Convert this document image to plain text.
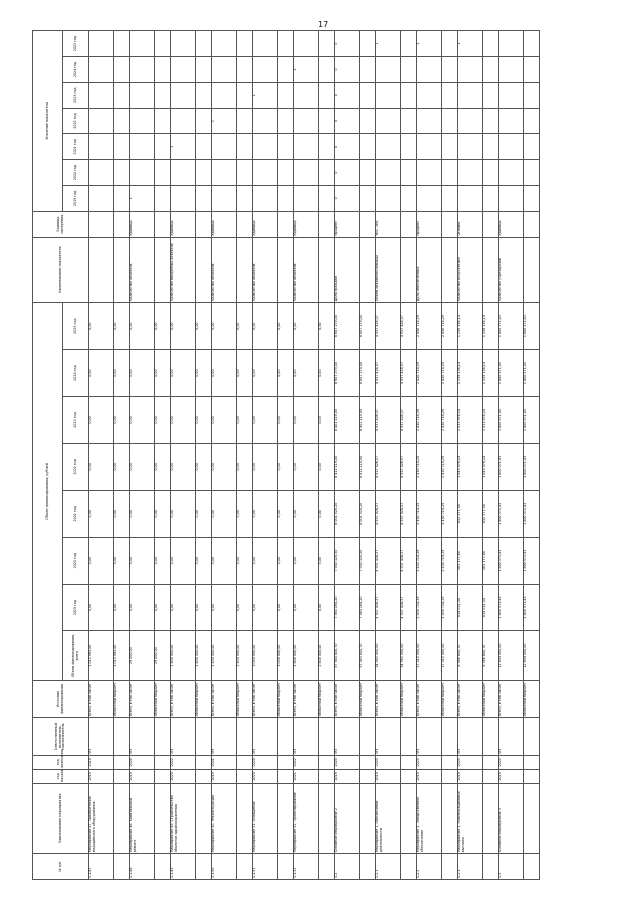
17
№ п/п	Наименование мероприятия	год начала	год окончания	Ответственный исполнитель, соисполнитель	Источник финансирования	Объем финансирования, рублей								Наименование показателя	Единица измерения	Значение показателя						
						Объем финансирования, всего	2019 год	2020 год	2021 год	2022 год	2023 год	2024 год	2025 год			2019 год	2020 год	2021 год	2022 год	2023 год	2024 год	2025 год
1.1.47	Мероприятие 47. Приобретение медицинского оборудования	2019	2019	МЗ	Всего, в том числе	1 015 983,00	0,00	0,00	0,00	0,00	0,00	0,00	0,00									
					областной бюджет	1 015 983,00	0,00	0,00	0,00	0,00	0,00	0,00	0,00									
1.1.48	Мероприятие 48. Капитальный ремонт	2019	2020	МЗ	Всего, в том числе	29 000,00	0,00	0,00	0,00	0,00	0,00	0,00	0,00	Количество объектов	единица	1						
					областной бюджет	29 000,00	0,00	0,00	0,00	0,00	0,00	0,00	0,00									
1.1.49	Мероприятие 49. Строительство объектов здравоохранения	2020	2022	МЗ	Всего, в том числе	1 800 000,00	0,00	0,00	0,00	0,00	0,00	0,00	0,00	Количество введенных объектов	единица			1				
					областной бюджет	1 800 000,00	0,00	0,00	0,00	0,00	0,00	0,00	0,00									
1.1.50	Мероприятие 50. Реконструкция	2019	2021	МЗ	Всего, в том числе	2 450 000,00	0,00	0,00	0,00	0,00	0,00	0,00	0,00	Количество объектов	единица				1			
					областной бюджет	2 450 000,00	0,00	0,00	0,00	0,00	0,00	0,00	0,00									
1.1.51	Мероприятие 51. Оснащение	2020	2020	МЗ	Всего, в том числе	3 050 000,00	0,00	0,00	0,00	0,00	0,00	0,00	0,00	Количество объектов	единица					1		
					областной бюджет	3 050 000,00	0,00	0,00	0,00	0,00	0,00	0,00	0,00									
1.1.52	Мероприятие 52. Проектирование	2021	2022	МЗ	Всего, в том числе	2 800 000,00	0,00	0,00	0,00	0,00	0,00	0,00	0,00	Количество объектов	единица						1	
					областной бюджет	2 800 000,00	0,00	0,00	0,00	0,00	0,00	0,00	0,00									
1.2	Основное мероприятие 2	2019	2025	МЗ	Всего, в том числе	57 943 800,70	7 983 164,20	7 930 320,50	8 001 520,20	8 412 119,00	8 402 119,00	8 607 279,00	8 607 279,00	Доля граждан	процент	0	0	0	0	0	0	0
					областной бюджет	57 943 800,70	7 983 164,20	7 930 320,50	8 001 520,20	8 412 119,00	8 402 119,00	8 607 279,00	8 607 279,00									
1.2.1	Мероприятие 1. Обеспечение деятельности	2019	2025	МЗ	Всего, в том числе	34 562 000,00	4 937 428,57	4 937 428,57	4 937 428,57	4 937 428,57	4 937 428,57	4 937 428,57	4 937 428,57	Объем оказанной помощи	тыс. чел.							1
					областной бюджет	34 562 000,00	4 937 428,57	4 937 428,57	4 937 428,57	4 937 428,57	4 937 428,57	4 937 428,57	4 937 428,57									
1.2.2	Мероприятие 2. Лекарственное обеспечение	2019	2025	МЗ	Всего, в том числе	17 015 000,00	2 430 714,29	2 430 714,29	2 430 714,29	2 430 714,29	2 430 714,29	2 430 714,29	2 430 714,29	Доля обеспеченных	процент							1
					областной бюджет	17 015 000,00	2 430 714,29	2 430 714,29	2 430 714,29	2 430 714,29	2 430 714,29	2 430 714,29	2 430 714,29									
1.2.3	Мероприятие 3. Компенсационные выплаты	2019	2025	МЗ	Всего, в том числе	6 366 800,70	614 021,34	561 177,64	632 377,34	1 043 976,14	1 033 976,14	1 239 136,14	1 239 136,14	Количество получателей	человек							1
					областной бюджет	6 366 800,70	614 021,34	561 177,64	632 377,34	1 043 976,14	1 033 976,14	1 239 136,14	1 239 136,14									
1.3	Основное мероприятие 3	2019	2025	МЗ	Всего, в том числе	12 604 000,00	1 800 571,43	1 800 571,43	1 800 571,43	1 800 571,43	1 800 571,43	1 800 571,43	1 800 571,43	Количество учреждений	единица							
					областной бюджет	12 604 000,00	1 800 571,43	1 800 571,43	1 800 571,43	1 800 571,43	1 800 571,43	1 800 571,43	1 800 571,43									
